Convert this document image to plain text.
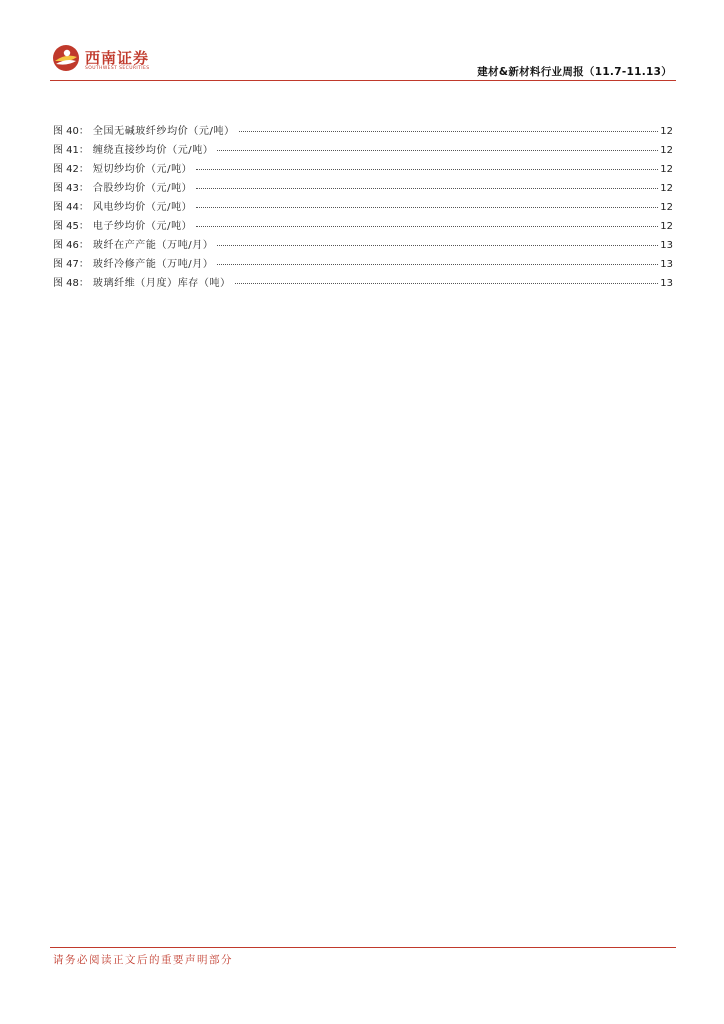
西南证券
SOUTHWEST SECURITIES	建材&新材料行业周报（11.7-11.13）
图 40： 全国无碱玻纤纱均价（元/吨）	12
图 41： 缠绕直接纱均价（元/吨）	12
图 42： 短切纱均价（元/吨）	12
图 43： 合股纱均价（元/吨）	12
图 44： 风电纱均价（元/吨）	12
图 45： 电子纱均价（元/吨）	12
图 46： 玻纤在产产能（万吨/月）	13
图 47： 玻纤冷修产能（万吨/月）	13
图 48： 玻璃纤维（月度）库存（吨）	13
请务必阅读正文后的重要声明部分
